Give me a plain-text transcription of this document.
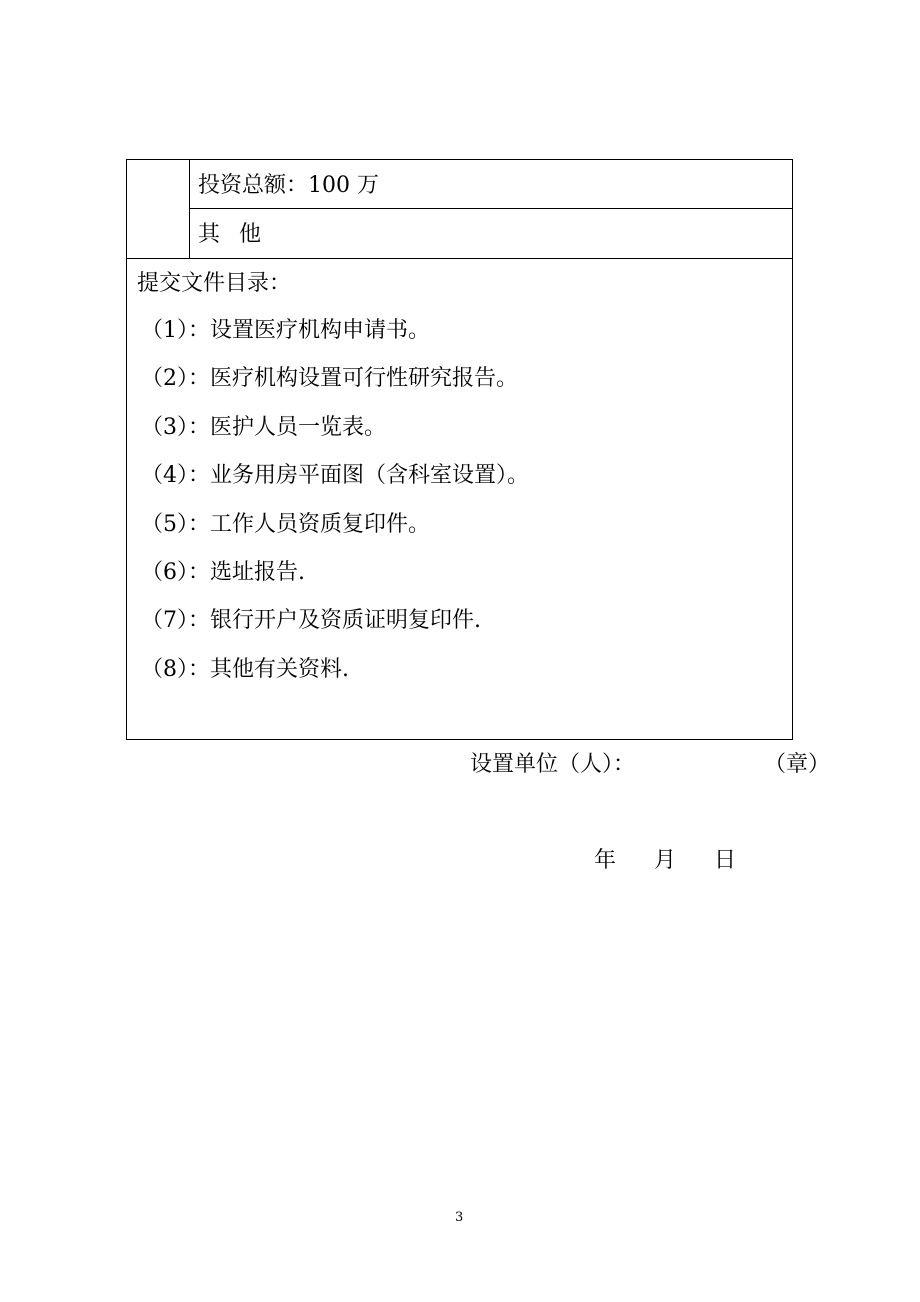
投资总额：100 万
其 他
提交文件目录：
（1）：设置医疗机构申请书。
（2）：医疗机构设置可行性研究报告。
（3）：医护人员一览表。
（4）：业务用房平面图（含科室设置）。
（5）：工作人员资质复印件。
（6）：选址报告.
（7）：银行开户及资质证明复印件.
（8）：其他有关资料.
设置单位（人）：	（章）
年 月 日
3
